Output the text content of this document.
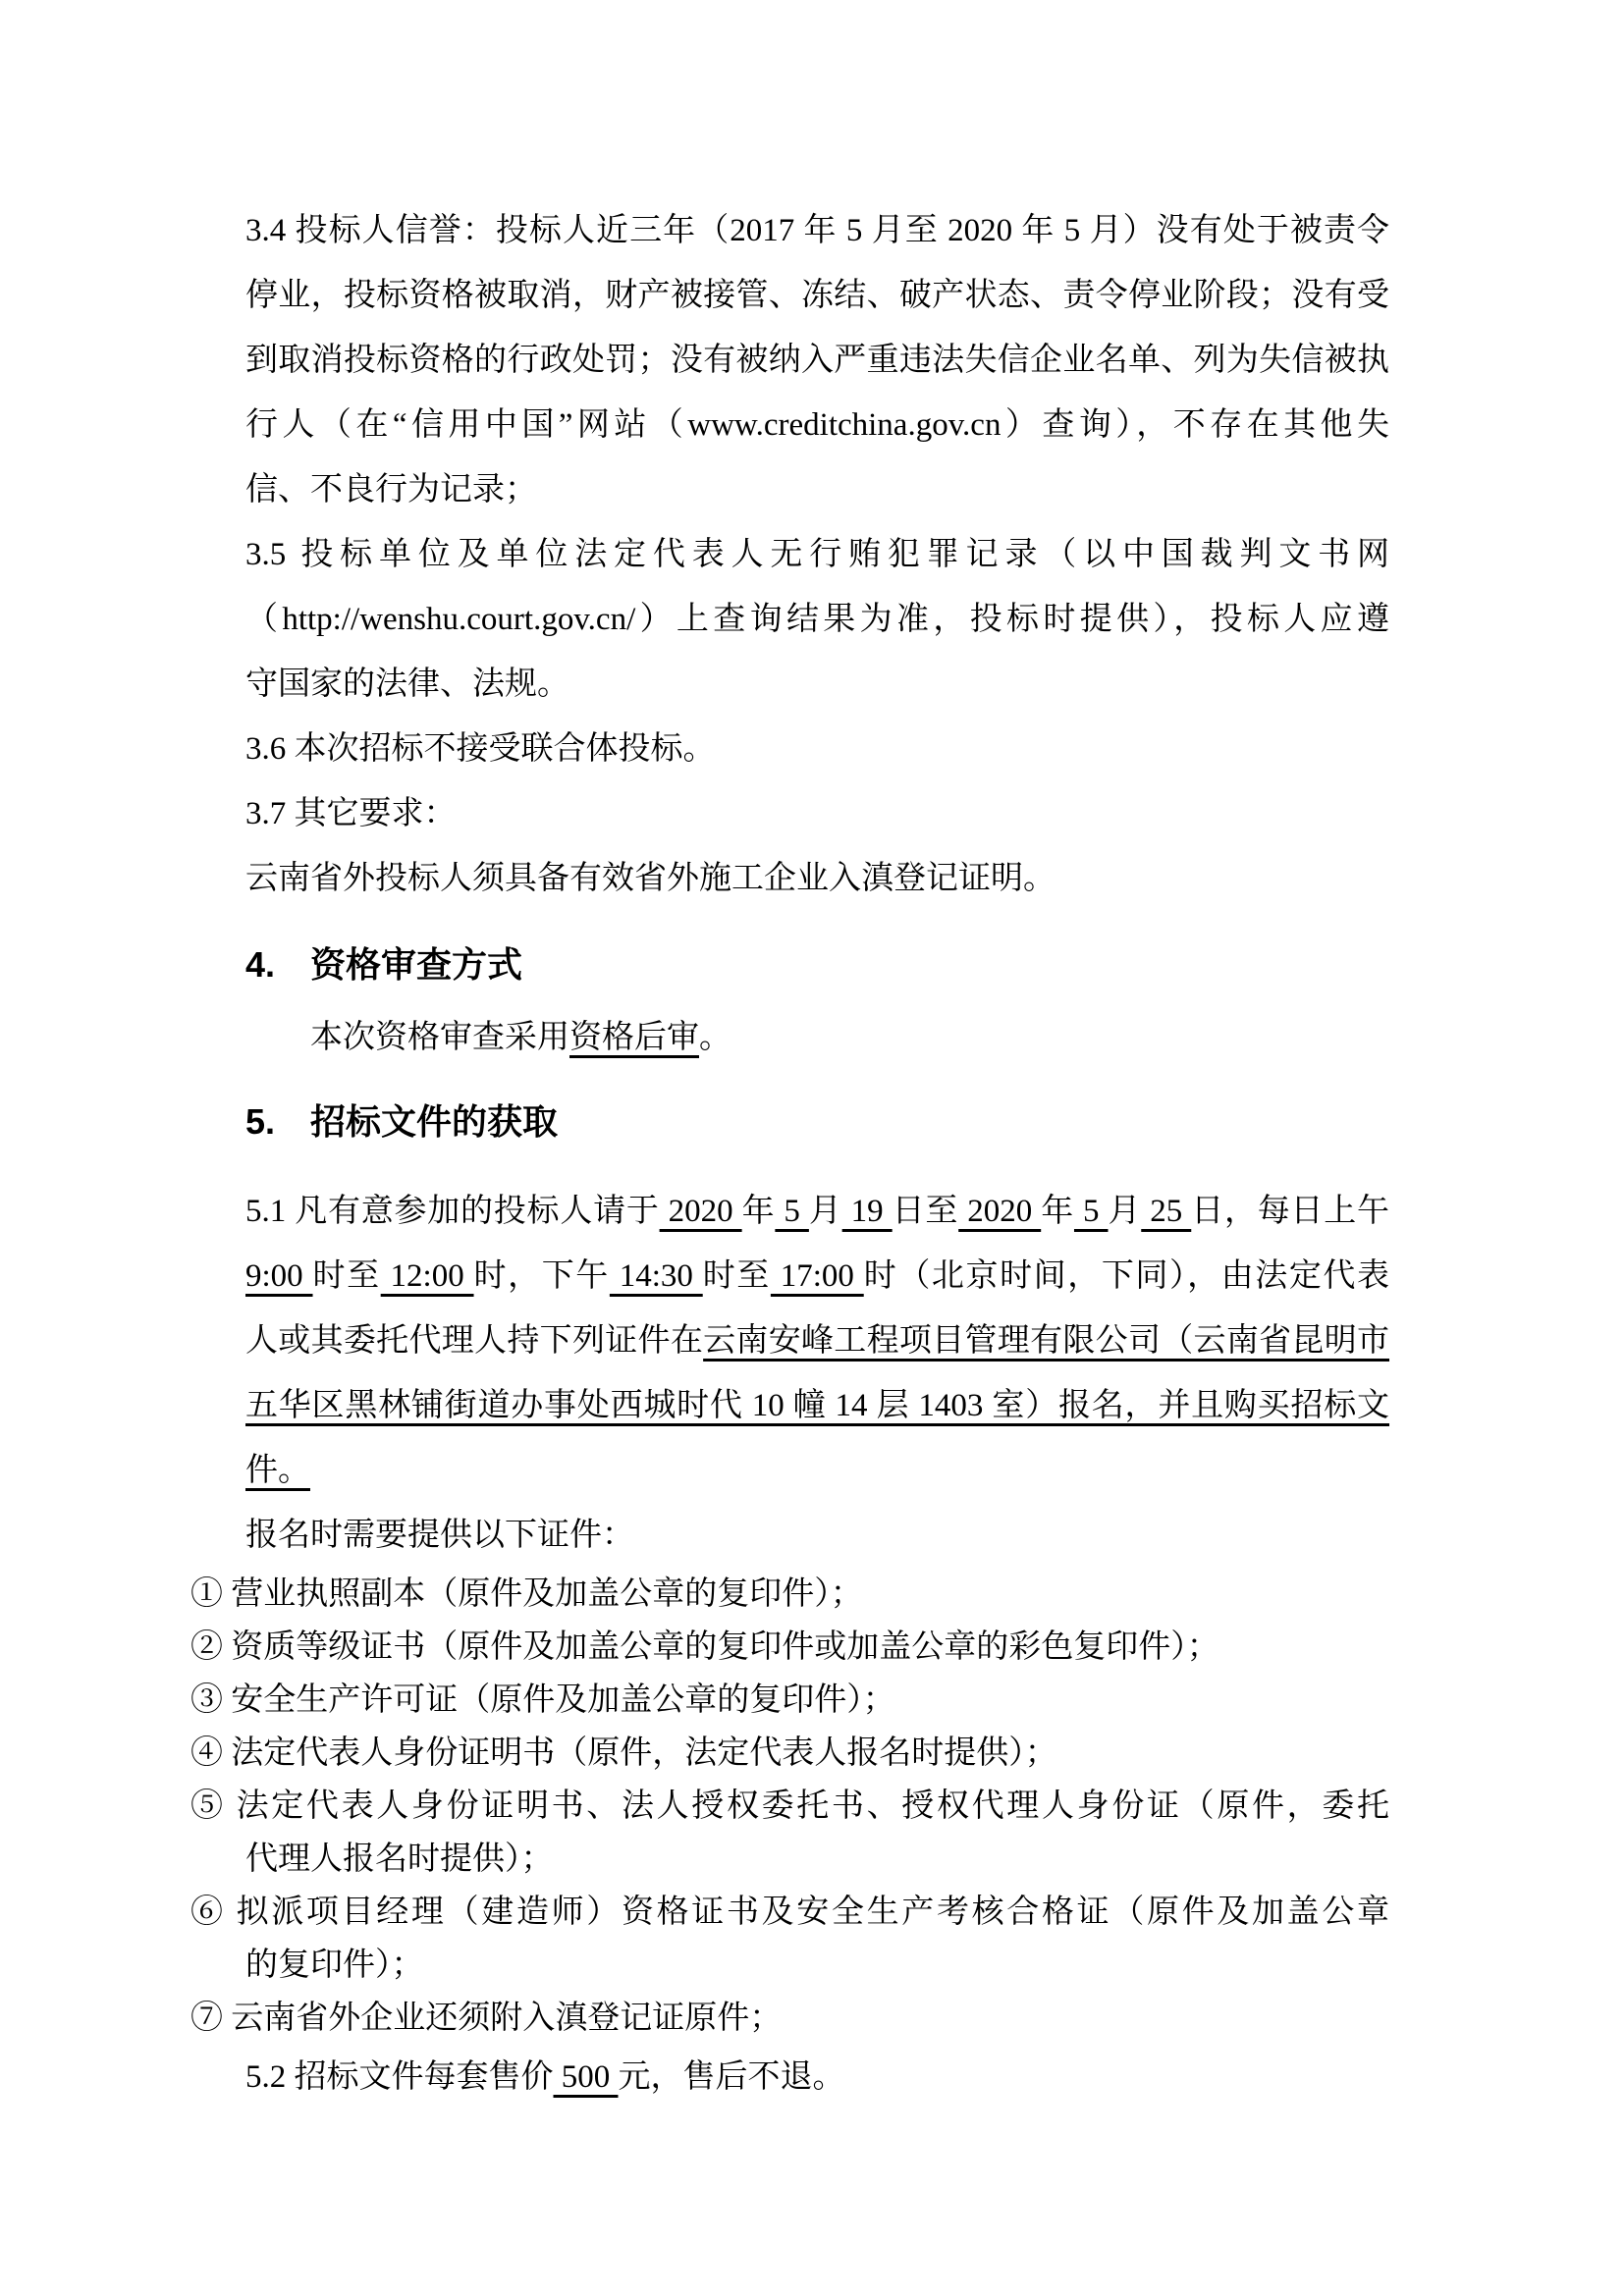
3.4 投标人信誉：投标人近三年（2017 年 5 月至 2020 年 5 月）没有处于被责令
停业，投标资格被取消，财产被接管、冻结、破产状态、责令停业阶段；没有受
到取消投标资格的行政处罚；没有被纳入严重违法失信企业名单、列为失信被执
行人（在“信用中国”网站（www.creditchina.gov.cn）查询），不存在其他失
信、不良行为记录；
3.5 投标单位及单位法定代表人无行贿犯罪记录（以中国裁判文书网
（http://wenshu.court.gov.cn/）上查询结果为准，投标时提供），投标人应遵
守国家的法律、法规。
3.6 本次招标不接受联合体投标。
3.7 其它要求：
云南省外投标人须具备有效省外施工企业入滇登记证明。
4.　资格审查方式
本次资格审查采用资格后审。
5.　招标文件的获取
5.1 凡有意参加的投标人请于 2020 年 5 月 19 日至 2020 年 5 月 25 日，每日上午
9:00 时至 12:00 时，下午 14:30 时至 17:00 时（北京时间，下同），由法定代表
人或其委托代理人持下列证件在云南安峰工程项目管理有限公司（云南省昆明市
五华区黑林铺街道办事处西城时代 10 幢 14 层 1403 室）报名，并且购买招标文
件。
报名时需要提供以下证件：

① 营业执照副本（原件及加盖公章的复印件）；

② 资质等级证书（原件及加盖公章的复印件或加盖公章的彩色复印件）；

③ 安全生产许可证（原件及加盖公章的复印件）；

④ 法定代表人身份证明书（原件，法定代表人报名时提供）；

⑤ 法定代表人身份证明书、法人授权委托书、授权代理人身份证（原件，委托
代理人报名时提供）；

⑥ 拟派项目经理（建造师）资格证书及安全生产考核合格证（原件及加盖公章
的复印件）；

⑦ 云南省外企业还须附入滇登记证原件；

5.2 招标文件每套售价 500 元，售后不退。
